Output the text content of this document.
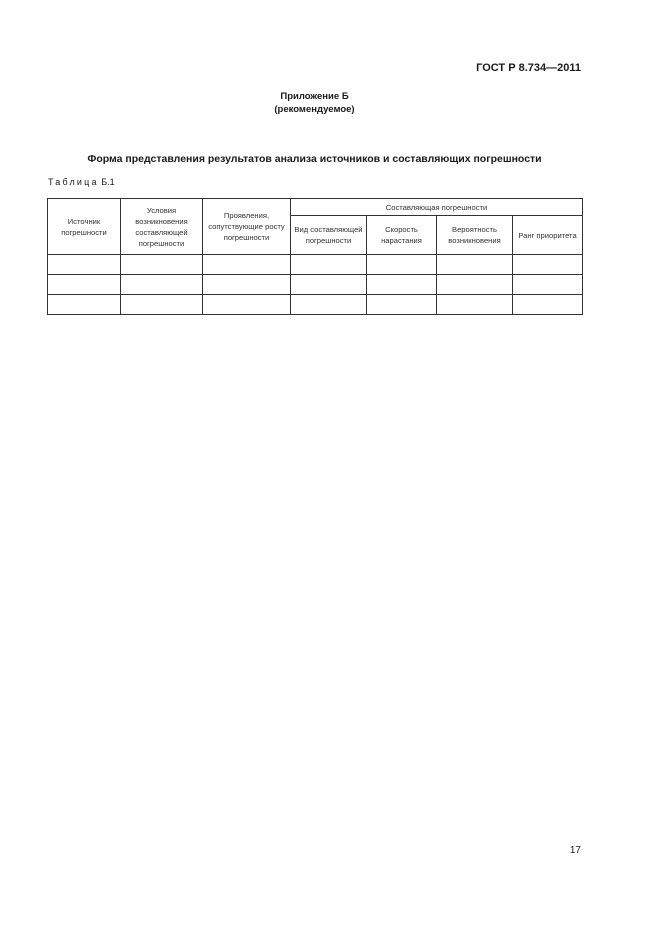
ГОСТ Р 8.734—2011
Приложение Б
(рекомендуемое)
Форма представления результатов анализа источников и составляющих погрешности
Таблица Б.1
Источник погрешности	Условия возникновения составляющей погрешности	Проявления, сопутствующие росту погрешности	Составляющая погрешности			
			Вид составляющей погрешности	Скорость нарастания	Вероятность возникновения	Ранг приоритета

17
